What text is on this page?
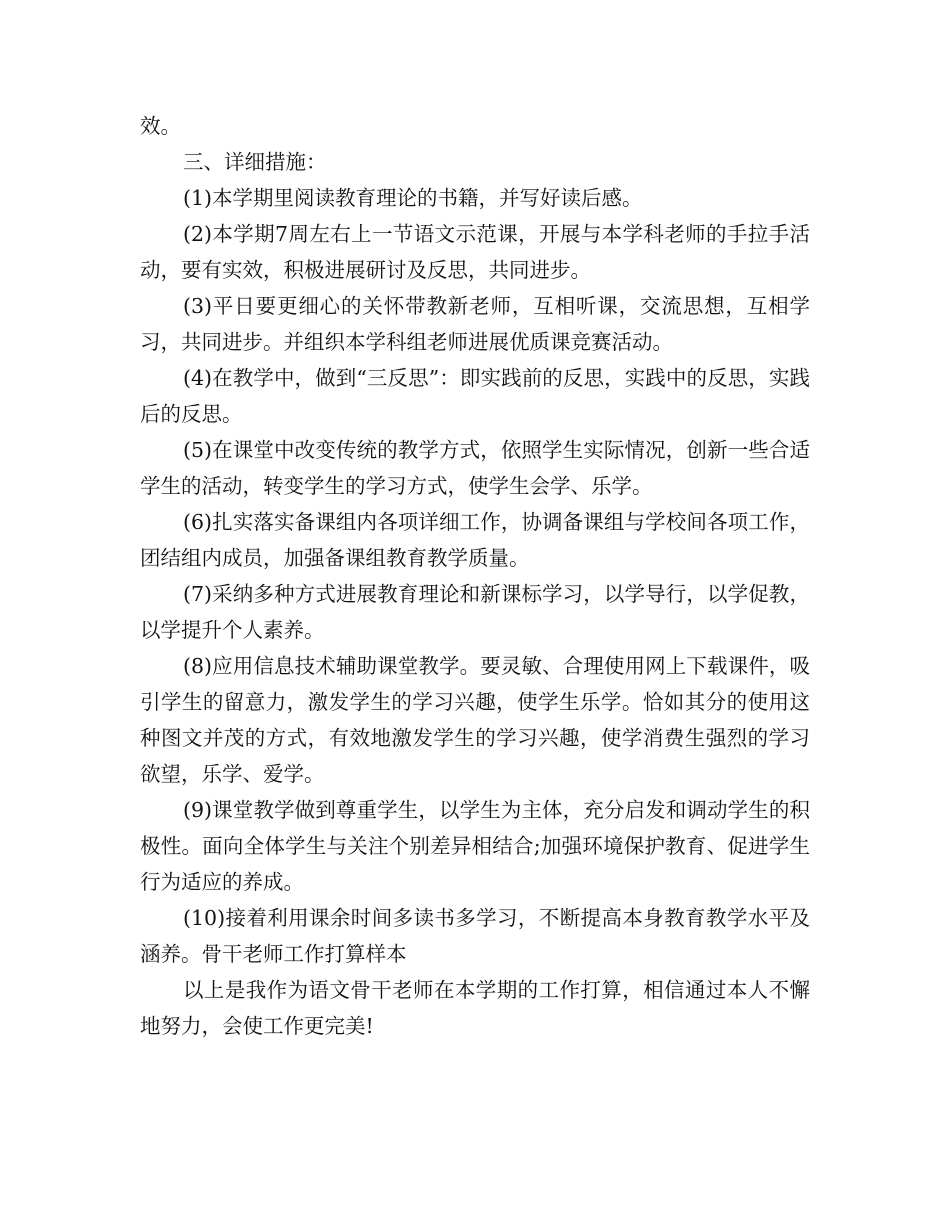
效。

三、详细措施：

(1)本学期里阅读教育理论的书籍，并写好读后感。

(2)本学期7周左右上一节语文示范课，开展与本学科老师的手拉手活动，要有实效，积极进展研讨及反思，共同进步。

(3)平日要更细心的关怀带教新老师，互相听课，交流思想，互相学习，共同进步。并组织本学科组老师进展优质课竞赛活动。

(4)在教学中，做到“三反思”：即实践前的反思，实践中的反思，实践后的反思。

(5)在课堂中改变传统的教学方式，依照学生实际情况，创新一些合适学生的活动，转变学生的学习方式，使学生会学、乐学。

(6)扎实落实备课组内各项详细工作，协调备课组与学校间各项工作，团结组内成员，加强备课组教育教学质量。

(7)采纳多种方式进展教育理论和新课标学习，以学导行，以学促教，以学提升个人素养。

(8)应用信息技术辅助课堂教学。要灵敏、合理使用网上下载课件，吸引学生的留意力，激发学生的学习兴趣，使学生乐学。恰如其分的使用这种图文并茂的方式，有效地激发学生的学习兴趣，使学消费生强烈的学习欲望，乐学、爱学。

(9)课堂教学做到尊重学生，以学生为主体，充分启发和调动学生的积极性。面向全体学生与关注个别差异相结合;加强环境保护教育、促进学生行为适应的养成。

(10)接着利用课余时间多读书多学习，不断提高本身教育教学水平及涵养。骨干老师工作打算样本

以上是我作为语文骨干老师在本学期的工作打算，相信通过本人不懈地努力，会使工作更完美!
